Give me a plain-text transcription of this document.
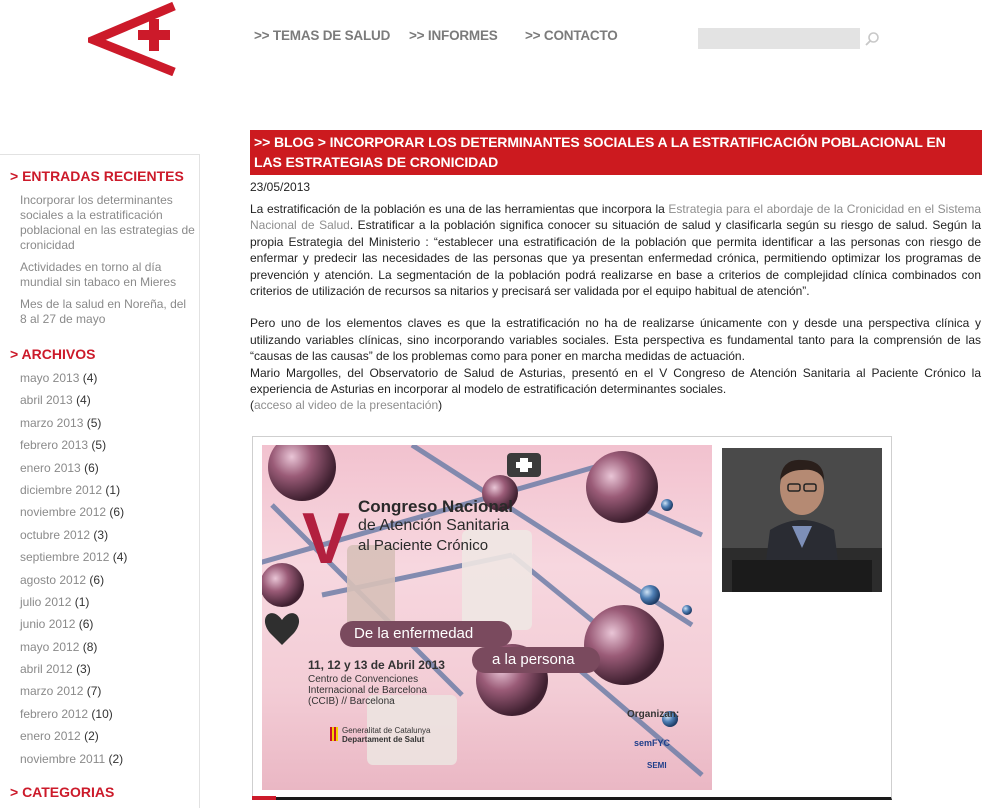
>> TEMAS DE SALUD >> INFORMES >> CONTACTO
> ENTRADAS RECIENTES
Incorporar los determinantes sociales a la estratificación poblacional en las estrategias de cronicidad
Actividades en torno al día mundial sin tabaco en Mieres
Mes de la salud en Noreña, del 8 al 27 de mayo
> ARCHIVOS
mayo 2013 (4)
abril 2013 (4)
marzo 2013 (5)
febrero 2013 (5)
enero 2013 (6)
diciembre 2012 (1)
noviembre 2012 (6)
octubre 2012 (3)
septiembre 2012 (4)
agosto 2012 (6)
julio 2012 (1)
junio 2012 (6)
mayo 2012 (8)
abril 2012 (3)
marzo 2012 (7)
febrero 2012 (10)
enero 2012 (2)
noviembre 2011 (2)
> CATEGORIAS
>> BLOG > INCORPORAR LOS DETERMINANTES SOCIALES A LA ESTRATIFICACIÓN POBLACIONAL EN LAS ESTRATEGIAS DE CRONICIDAD
23/05/2013

La estratificación de la población es una de las herramientas que incorpora la Estrategia para el abordaje de la Cronicidad en el Sistema Nacional de Salud. Estratificar a la población significa conocer su situación de salud y clasificarla según su riesgo de salud. Según la propia Estrategia del Ministerio : “establecer una estratificación de la población que permita identificar a las personas con riesgo de enfermar y predecir las necesidades de las personas que ya presentan enfermedad crónica, permitiendo optimizar los programas de prevención y atención. La segmentación de la población podrá realizarse en base a criterios de complejidad clínica combinados con criterios de utilización de recursos sa nitarios y precisará ser validada por el equipo habitual de atención”.

Pero uno de los elementos claves es que la estratificación no ha de realizarse únicamente con y desde una perspectiva clínica y utilizando variables clínicas, sino incorporando variables sociales. Esta perspectiva es fundamental tanto para la comprensión de las “causas de las causas” de los problemas como para poner en marcha medidas de actuación.

Mario Margolles, del Observatorio de Salud de Asturias, presentó en el V Congreso de Atención Sanitaria al Paciente Crónico la experiencia de Asturias en incorporar al modelo de estratificación determinantes sociales.

(acceso al video de la presentación)

V Congreso Nacional
de Atención Sanitaria
al Paciente Crónico
De la enfermedad
a la persona
11, 12 y 13 de Abril 2013
Centro de Convenciones
Internacional de Barcelona
(CCIB) // Barcelona
Generalitat de Catalunya
Departament de Salut
Organizan:
semFYC
SEMI
